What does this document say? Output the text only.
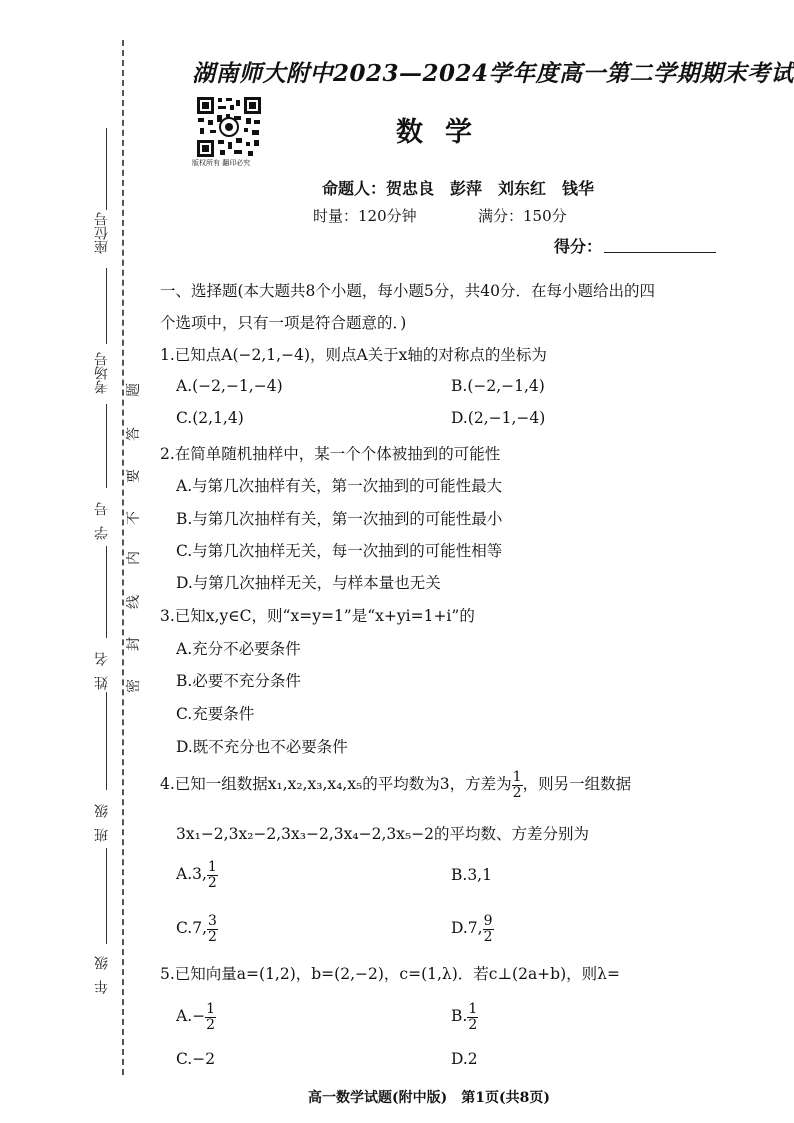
座位号
考场号
学号
姓名
班级
年级
题
答
要
不
内
线
封
密
湖南师大附中2023—2024学年度高一第二学期期末考试
版权所有 翻印必究
数学
命题人：贺忠良　彭萍　刘东红　钱华
时量：120分钟	满分：150分
得分：
一、选择题(本大题共8个小题，每小题5分，共40分．在每小题给出的四
个选项中，只有一项是符合题意的．)
1.已知点A(−2,1,−4)，则点A关于x轴的对称点的坐标为
A.(−2,−1,−4)	B.(−2,−1,4)
C.(2,1,4)	D.(2,−1,−4)
2.在简单随机抽样中，某一个个体被抽到的可能性
A.与第几次抽样有关，第一次抽到的可能性最大
B.与第几次抽样有关，第一次抽到的可能性最小
C.与第几次抽样无关，每一次抽到的可能性相等
D.与第几次抽样无关，与样本量也无关
3.已知x,y∈C，则“x=y=1”是“x+yi=1+i”的
A.充分不必要条件
B.必要不充分条件
C.充要条件
D.既不充分也不必要条件
4.已知一组数据x₁,x₂,x₃,x₄,x₅的平均数为3，方差为 $\frac{1}{2}$ ，则另一组数据
3x₁−2,3x₂−2,3x₃−2,3x₄−2,3x₅−2的平均数、方差分别为
A.3, $\frac{1}{2}$	B.3,1
C.7, $\frac{3}{2}$	D.7, $\frac{9}{2}$
5.已知向量a=(1,2)，b=(2,−2)，c=(1,λ)．若c⊥(2a+b)，则λ=
$A.- \frac{1}{2}$	B. $\frac{1}{2}$
C.−2	D.2
高一数学试题(附中版)　第1页(共8页)
